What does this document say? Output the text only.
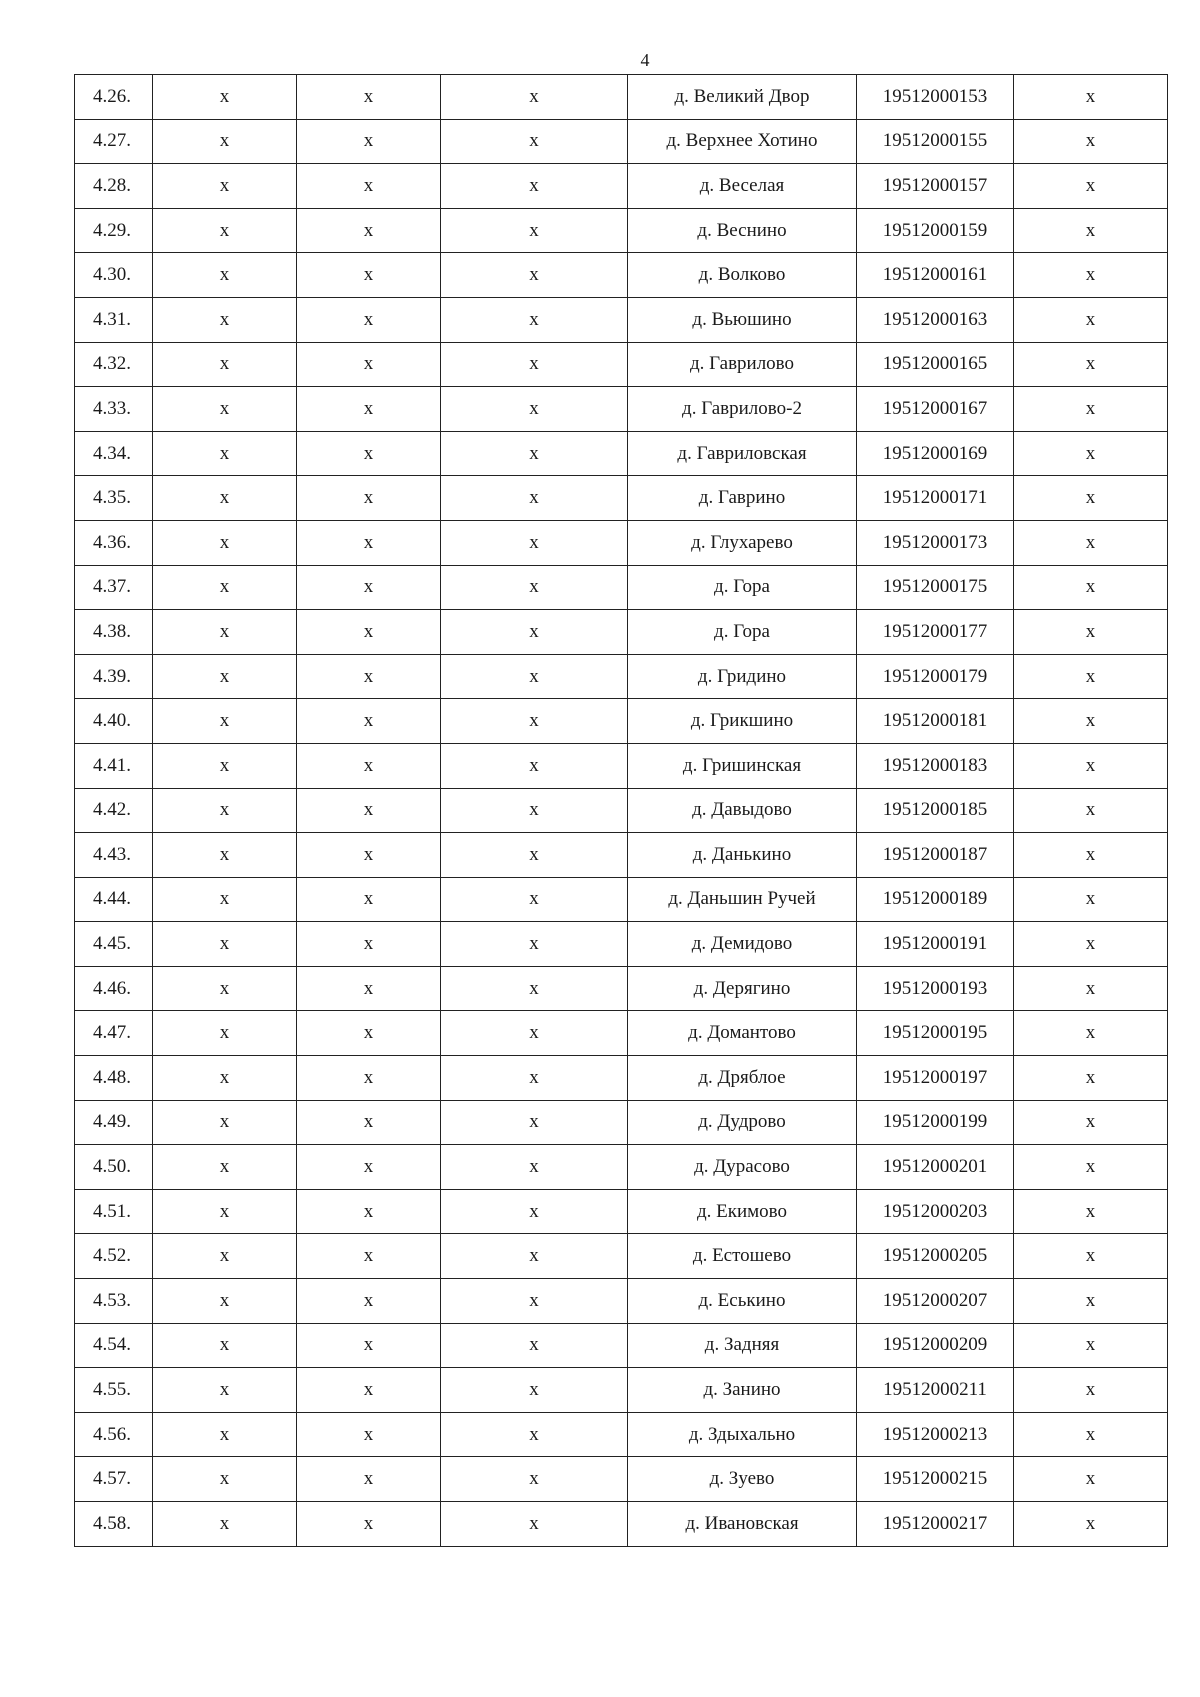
4
4.26.	x	x	x	д. Великий Двор	19512000153	x
4.27.	x	x	x	д. Верхнее Хотино	19512000155	x
4.28.	x	x	x	д. Веселая	19512000157	x
4.29.	x	x	x	д. Веснино	19512000159	x
4.30.	x	x	x	д. Волково	19512000161	x
4.31.	x	x	x	д. Вьюшино	19512000163	x
4.32.	x	x	x	д. Гаврилово	19512000165	x
4.33.	x	x	x	д. Гаврилово-2	19512000167	x
4.34.	x	x	x	д. Гавриловская	19512000169	x
4.35.	x	x	x	д. Гаврино	19512000171	x
4.36.	x	x	x	д. Глухарево	19512000173	x
4.37.	x	x	x	д. Гора	19512000175	x
4.38.	x	x	x	д. Гора	19512000177	x
4.39.	x	x	x	д. Гридино	19512000179	x
4.40.	x	x	x	д. Грикшино	19512000181	x
4.41.	x	x	x	д. Гришинская	19512000183	x
4.42.	x	x	x	д. Давыдово	19512000185	x
4.43.	x	x	x	д. Данькино	19512000187	x
4.44.	x	x	x	д. Даньшин Ручей	19512000189	x
4.45.	x	x	x	д. Демидово	19512000191	x
4.46.	x	x	x	д. Дерягино	19512000193	x
4.47.	x	x	x	д. Домантово	19512000195	x
4.48.	x	x	x	д. Дряблое	19512000197	x
4.49.	x	x	x	д. Дудрово	19512000199	x
4.50.	x	x	x	д. Дурасово	19512000201	x
4.51.	x	x	x	д. Екимово	19512000203	x
4.52.	x	x	x	д. Естошево	19512000205	x
4.53.	x	x	x	д. Еськино	19512000207	x
4.54.	x	x	x	д. Задняя	19512000209	x
4.55.	x	x	x	д. Занино	19512000211	x
4.56.	x	x	x	д. Здыхально	19512000213	x
4.57.	x	x	x	д. Зуево	19512000215	x
4.58.	x	x	x	д. Ивановская	19512000217	x
